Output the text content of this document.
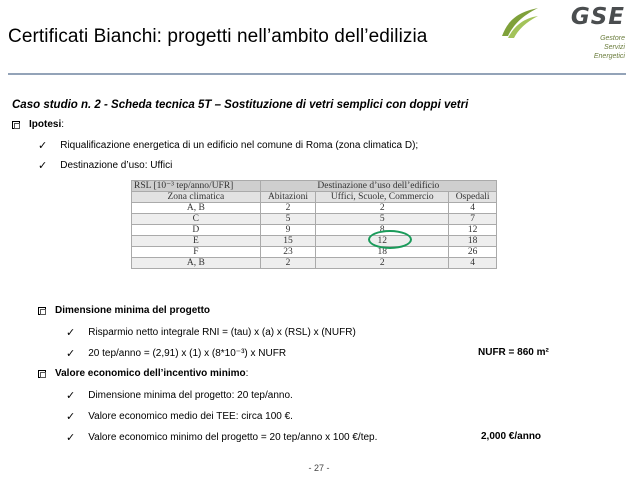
Certificati Bianchi: progetti nell’ambito dell’edilizia
GSE
Gestore
Servizi
Energetici
Caso studio n. 2 - Scheda tecnica 5T – Sostituzione di vetri semplici con doppi vetri
Ipotesi :
✓ Riqualificazione energetica di un edificio nel comune di Roma (zona climatica D);
✓ Destinazione d’uso: Uffici
RSL [10⁻³ tep/anno/UFR]	Destinazione d’uso dell’edificio		
Zona climatica	Abitazioni	Uffici, Scuole, Commercio	Ospedali
A, B	2	2	4
C	5	5	7
D	9	8	12
E	15	12	18
F	23	18	26
A, B	2	2	4
Dimensione minima del progetto
✓ Risparmio netto integrale RNI = (tau) x (a) x (RSL) x (NUFR)
✓ 20 tep/anno = (2,91) x (1) x (8*10⁻³) x NUFR	NUFR = 860 m²
Valore economico dell’incentivo minimo :
✓ Dimensione minima del progetto: 20 tep/anno.
✓ Valore economico medio dei TEE: circa 100 €.
✓ Valore economico minimo del progetto = 20 tep/anno x 100 €/tep.	2,000 €/anno
- 27 -
